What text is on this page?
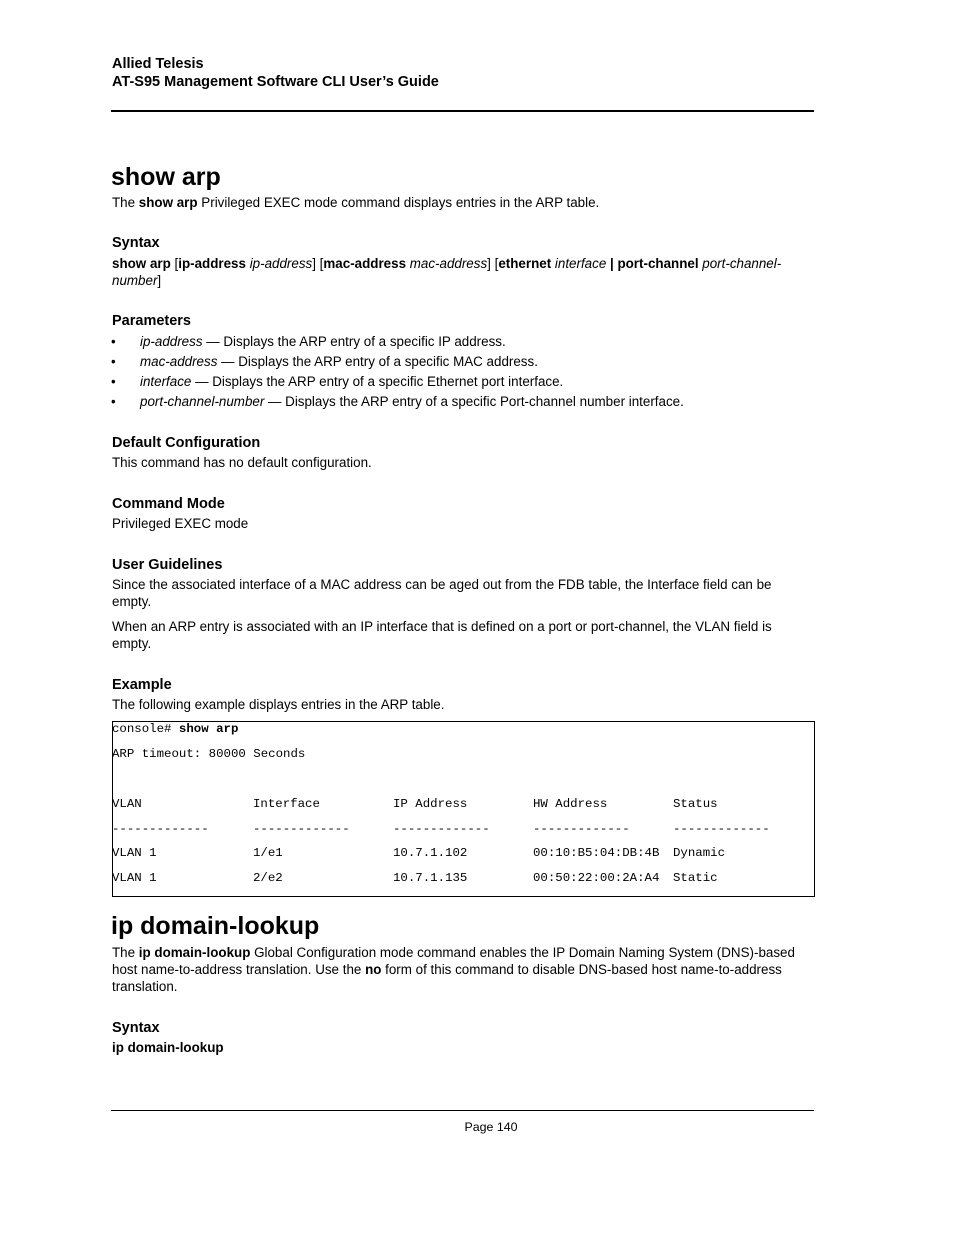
Allied Telesis
AT-S95 Management Software CLI User’s Guide
show arp
The show arp Privileged EXEC mode command displays entries in the ARP table.
Syntax
show arp [ip-address ip-address] [mac-address mac-address] [ethernet interface | port-channel port-channel-
number]
Parameters
• ip-address — Displays the ARP entry of a specific IP address.
• mac-address — Displays the ARP entry of a specific MAC address.
• interface — Displays the ARP entry of a specific Ethernet port interface.
• port-channel-number — Displays the ARP entry of a specific Port-channel number interface.
Default Configuration
This command has no default configuration.
Command Mode
Privileged EXEC mode
User Guidelines
Since the associated interface of a MAC address can be aged out from the FDB table, the Interface field can be empty.
When an ARP entry is associated with an IP interface that is defined on a port or port-channel, the VLAN field is empty.
Example
The following example displays entries in the ARP table.
console# show arp
ARP timeout: 80000 Seconds
VLAN	Interface	IP Address	HW Address	Status
-------------	-------------	-------------	-------------	-------------
VLAN 1	1/e1	10.7.1.102	00:10:B5:04:DB:4B Dynamic
VLAN 1	2/e2	10.7.1.135	00:50:22:00:2A:A4 Static
ip domain-lookup
The ip domain-lookup Global Configuration mode command enables the IP Domain Naming System (DNS)-based host name-to-address translation. Use the no form of this command to disable DNS-based host name-to-address translation.
Syntax
ip domain-lookup
Page 140
